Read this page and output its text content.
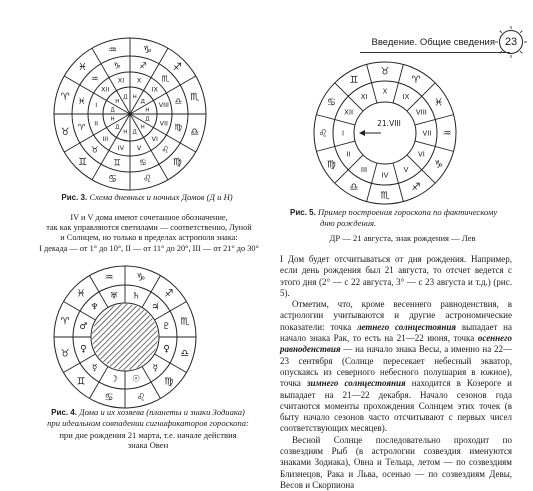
Введение. Общие сведения 23
♈
♉
♊
♋	♌
♍
♎
♏
♐
♑
♒
♓
♓
♈
♉
♊ ♋
♌
♍
♎
♏
♐
♑
♒
I
II
III
IV V
VI
VII
VIII
IX
X
XI
XII
Д
Н
Д
Н Д
Н
Д
Н
Д
Н
Д
Н
Рис. 3. Схема дневных и ночных Домов (Д и Н)
IV и V дома имеют сочетанное обозначение,
так как управляются светилами — соответственно, Луной
и Солнцем, но только в пределах астрополя знака:
I декада — от 1° до 10°, II — от 11° до 20°, III — от 21° до 30°
♈
♉
♊
♋ ♌
♍
♎
♏
♐
♑
♒
♓
♂
♀
☿
☽ ☉
☿
♀
♇
♃
♄
♅
♆
Рис. 4. Дома и их хозяева (планеты и знаки Зодиака)
при идеальном совпадении сигнификаторов гороскопа:
при дне рождения 21 марта, т.е. начале действия
знака Овен
♌
♍
♎
♏
♐
♑
♒
♓
♈
♉
♊
♋
I
II
III
IV
V
VI
VII
VIII
IX
X
XI
XII
21.VIII
Рис. 5. Пример построения гороскопа по фактическому
дню рождения.
ДР — 21 августа, знак рождения — Лев

I Дом будет отсчитываться от дня рождения. Например, если день рождения был 21 августа, то отсчет ведется с этого дня (2° — с 22 августа, 3° — с 23 августа и т.д.) (рис. 5).

Отметим, что, кроме весеннего равноденствия, в астрологии учитываются и другие астрономические показатели: точка летнего солнцестояния выпадает на начало знака Рак, то есть на 21—22 июня, точка осеннего равноденствия — на начало знака Весы, а именно на 22—23 сентября (Солнце пересекает небесный экватор, опускаясь из северного небесного полушария в южное), точка зимнего солнцестояния находится в Козероге и выпадает на 21—22 декабря. Начало сезонов года считаются моменты прохождения Солнцем этих точек (в быту начало сезонов часто отсчитывают с первых чисел соответствующих месяцев).

Весной Солнце последовательно проходит по созвездиям Рыб (в астрологии созвездия именуются знаками Зодиака), Овна и Тельца, летом — по созвездиям Близнецов, Рака и Льва, осенью — по созвездиям Девы, Весов и Скорпиона
